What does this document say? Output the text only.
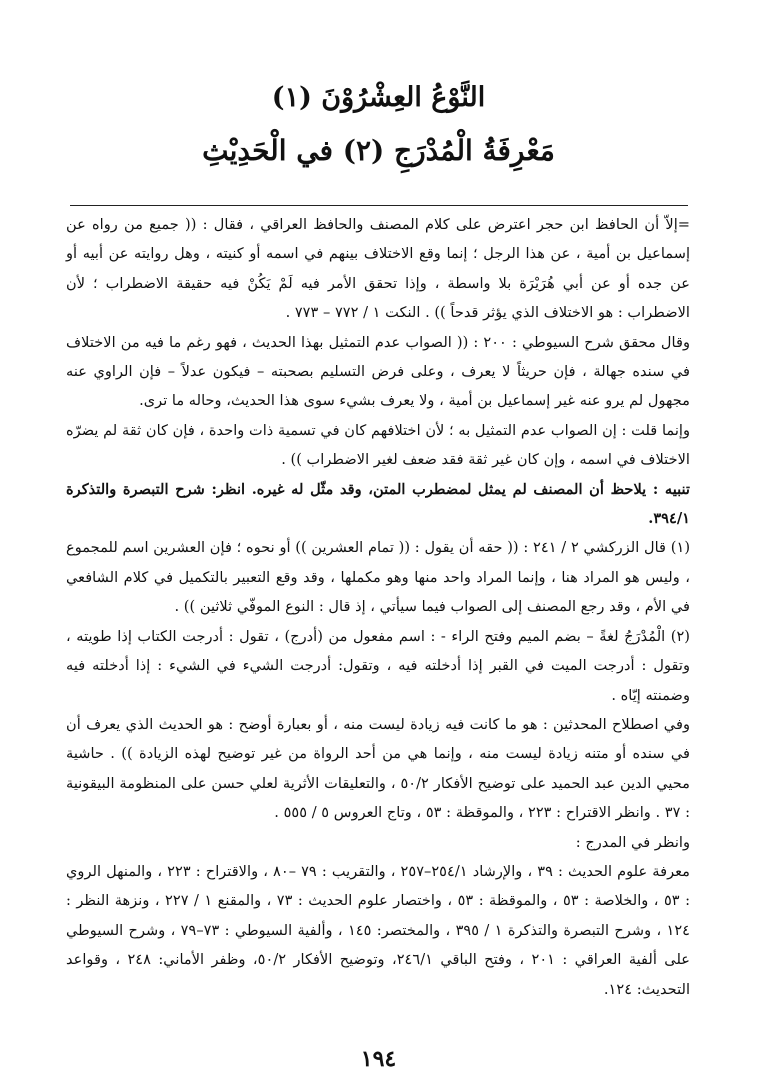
النَّوْعُ العِشْرُوْنَ (١)
مَعْرِفَةُ الْمُدْرَجِ (٢) في الْحَدِيْثِ

=إلاّ أن الحافظ ابن حجر اعترض على كلام المصنف والحافظ العراقي ، فقال : (( جميع من رواه عن إسماعيل بن أمية ، عن هذا الرجل ؛ إنما وقع الاختلاف بينهم في اسمه أو كنيته ، وهل روايته عن أبيه أو عن جده أو عن أبي هُرَيْرَة بلا واسطة ، وإذا تحقق الأمر فيه لَمْ يَكُنْ فيه حقيقة الاضطراب ؛ لأن الاضطراب : هو الاختلاف الذي يؤثر قدحاً )) . النكت ١ / ٧٧٢ – ٧٧٣ .

وقال محقق شرح السيوطي : ٢٠٠ : (( الصواب عدم التمثيل بهذا الحديث ، فهو رغم ما فيه من الاختلاف في سنده جهالة ، فإن حريثاً لا يعرف ، وعلى فرض التسليم بصحبته – فيكون عدلاً – فإن الراوي عنه مجهول لم يرو عنه غير إسماعيل بن أمية ، ولا يعرف بشيء سوى هذا الحديث، وحاله ما ترى.

وإنما قلت : إن الصواب عدم التمثيل به ؛ لأن اختلافهم كان في تسمية ذات واحدة ، فإن كان ثقة لم يضرّه الاختلاف في اسمه ، وإن كان غير ثقة فقد ضعف لغير الاضطراب )) .

تنبيه : يلاحظ أن المصنف لم يمثل لمضطرب المتن، وقد مثّل له غيره. انظر: شرح التبصرة والتذكرة ٣٩٤/١.

(١) قال الزركشي ٢ / ٢٤١ : (( حقه أن يقول : (( تمام العشرين )) أو نحوه ؛ فإن العشرين اسم للمجموع ، وليس هو المراد هنا ، وإنما المراد واحد منها وهو مكملها ، وقد وقع التعبير بالتكميل في كلام الشافعي في الأم ، وقد رجع المصنف إلى الصواب فيما سيأتي ، إذ قال : النوع الموفّي ثلاثين )) .

(٢) الْمُدْرَجُ لغةً – بضم الميم وفتح الراء - : اسم مفعول من (أدرج) ، تقول : أدرجت الكتاب إذا طويته ، وتقول : أدرجت الميت في القبر إذا أدخلته فيه ، وتقول: أدرجت الشيء في الشيء : إذا أدخلته فيه وضمنته إيّاه .

وفي اصطلاح المحدثين : هو ما كانت فيه زيادة ليست منه ، أو بعبارة أوضح : هو الحديث الذي يعرف أن في سنده أو متنه زيادة ليست منه ، وإنما هي من أحد الرواة من غير توضيح لهذه الزيادة )) . حاشية محيي الدين عبد الحميد على توضيح الأفكار ٥٠/٢ ، والتعليقات الأثرية لعلي حسن على المنظومة البيقونية : ٣٧ . وانظر الاقتراح : ٢٢٣ ، والموقظة : ٥٣ ، وتاج العروس ٥ / ٥٥٥ .

وانظر في المدرج :

معرفة علوم الحديث : ٣٩ ، والإرشاد ٢٥٤/١–٢٥٧ ، والتقريب : ٧٩ –٨٠ ، والاقتراح : ٢٢٣ ، والمنهل الروي : ٥٣ ، والخلاصة : ٥٣ ، والموقظة : ٥٣ ، واختصار علوم الحديث : ٧٣ ، والمقنع ١ / ٢٢٧ ، ونزهة النظر : ١٢٤ ، وشرح التبصرة والتذكرة ١ / ٣٩٥ ، والمختصر: ١٤٥ ، وألفية السيوطي : ٧٣–٧٩ ، وشرح السيوطي على ألفية العراقي : ٢٠١ ، وفتح الباقي ٢٤٦/١، وتوضيح الأفكار ٥٠/٢، وظفر الأماني: ٢٤٨ ، وقواعد التحديث: ١٢٤.

١٩٤
